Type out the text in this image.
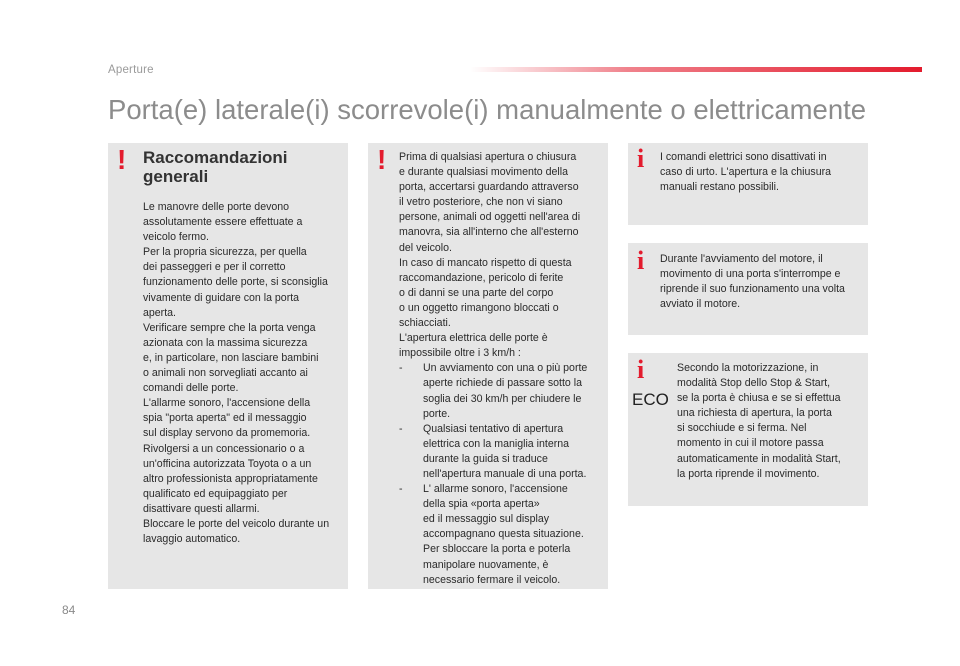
Aperture
Porta(e) laterale(i) scorrevole(i) manualmente o elettricamente
! Raccomandazioni
generali
Le manovre delle porte devono
assolutamente essere effettuate a
veicolo fermo.
Per la propria sicurezza, per quella
dei passeggeri e per il corretto
funzionamento delle porte, si sconsiglia
vivamente di guidare con la porta
aperta.
Verificare sempre che la porta venga
azionata con la massima sicurezza
e, in particolare, non lasciare bambini
o animali non sorvegliati accanto ai
comandi delle porte.
L'allarme sonoro, l'accensione della
spia "porta aperta" ed il messaggio
sul display servono da promemoria.
Rivolgersi a un concessionario o a
un'officina autorizzata Toyota o a un
altro professionista appropriatamente
qualificato ed equipaggiato per
disattivare questi allarmi.
Bloccare le porte del veicolo durante un
lavaggio automatico.
! Prima di qualsiasi apertura o chiusura
e durante qualsiasi movimento della
porta, accertarsi guardando attraverso
il vetro posteriore, che non vi siano
persone, animali od oggetti nell'area di
manovra, sia all'interno che all'esterno
del veicolo.
In caso di mancato rispetto di questa
raccomandazione, pericolo di ferite
o di danni se una parte del corpo
o un oggetto rimangono bloccati o
schiacciati.
L'apertura elettrica delle porte è
impossibile oltre i 3 km/h :
- Un avviamento con una o più porte
aperte richiede di passare sotto la
soglia dei 30 km/h per chiudere le
porte.
- Qualsiasi tentativo di apertura
elettrica con la maniglia interna
durante la guida si traduce
nell'apertura manuale di una porta.
- L' allarme sonoro, l'accensione
della spia «porta aperta»
ed il messaggio sul display
accompagnano questa situazione.
Per sbloccare la porta e poterla
manipolare nuovamente, è
necessario fermare il veicolo.
i I comandi elettrici sono disattivati in
caso di urto. L'apertura e la chiusura
manuali restano possibili.
i Durante l'avviamento del motore, il
movimento di una porta s'interrompe e
riprende il suo funzionamento una volta
avviato il motore.
i
ECO
Secondo la motorizzazione, in
modalità Stop dello Stop & Start,
se la porta è chiusa e se si effettua
una richiesta di apertura, la porta
si socchiude e si ferma. Nel
momento in cui il motore passa
automaticamente in modalità Start,
la porta riprende il movimento.
84
